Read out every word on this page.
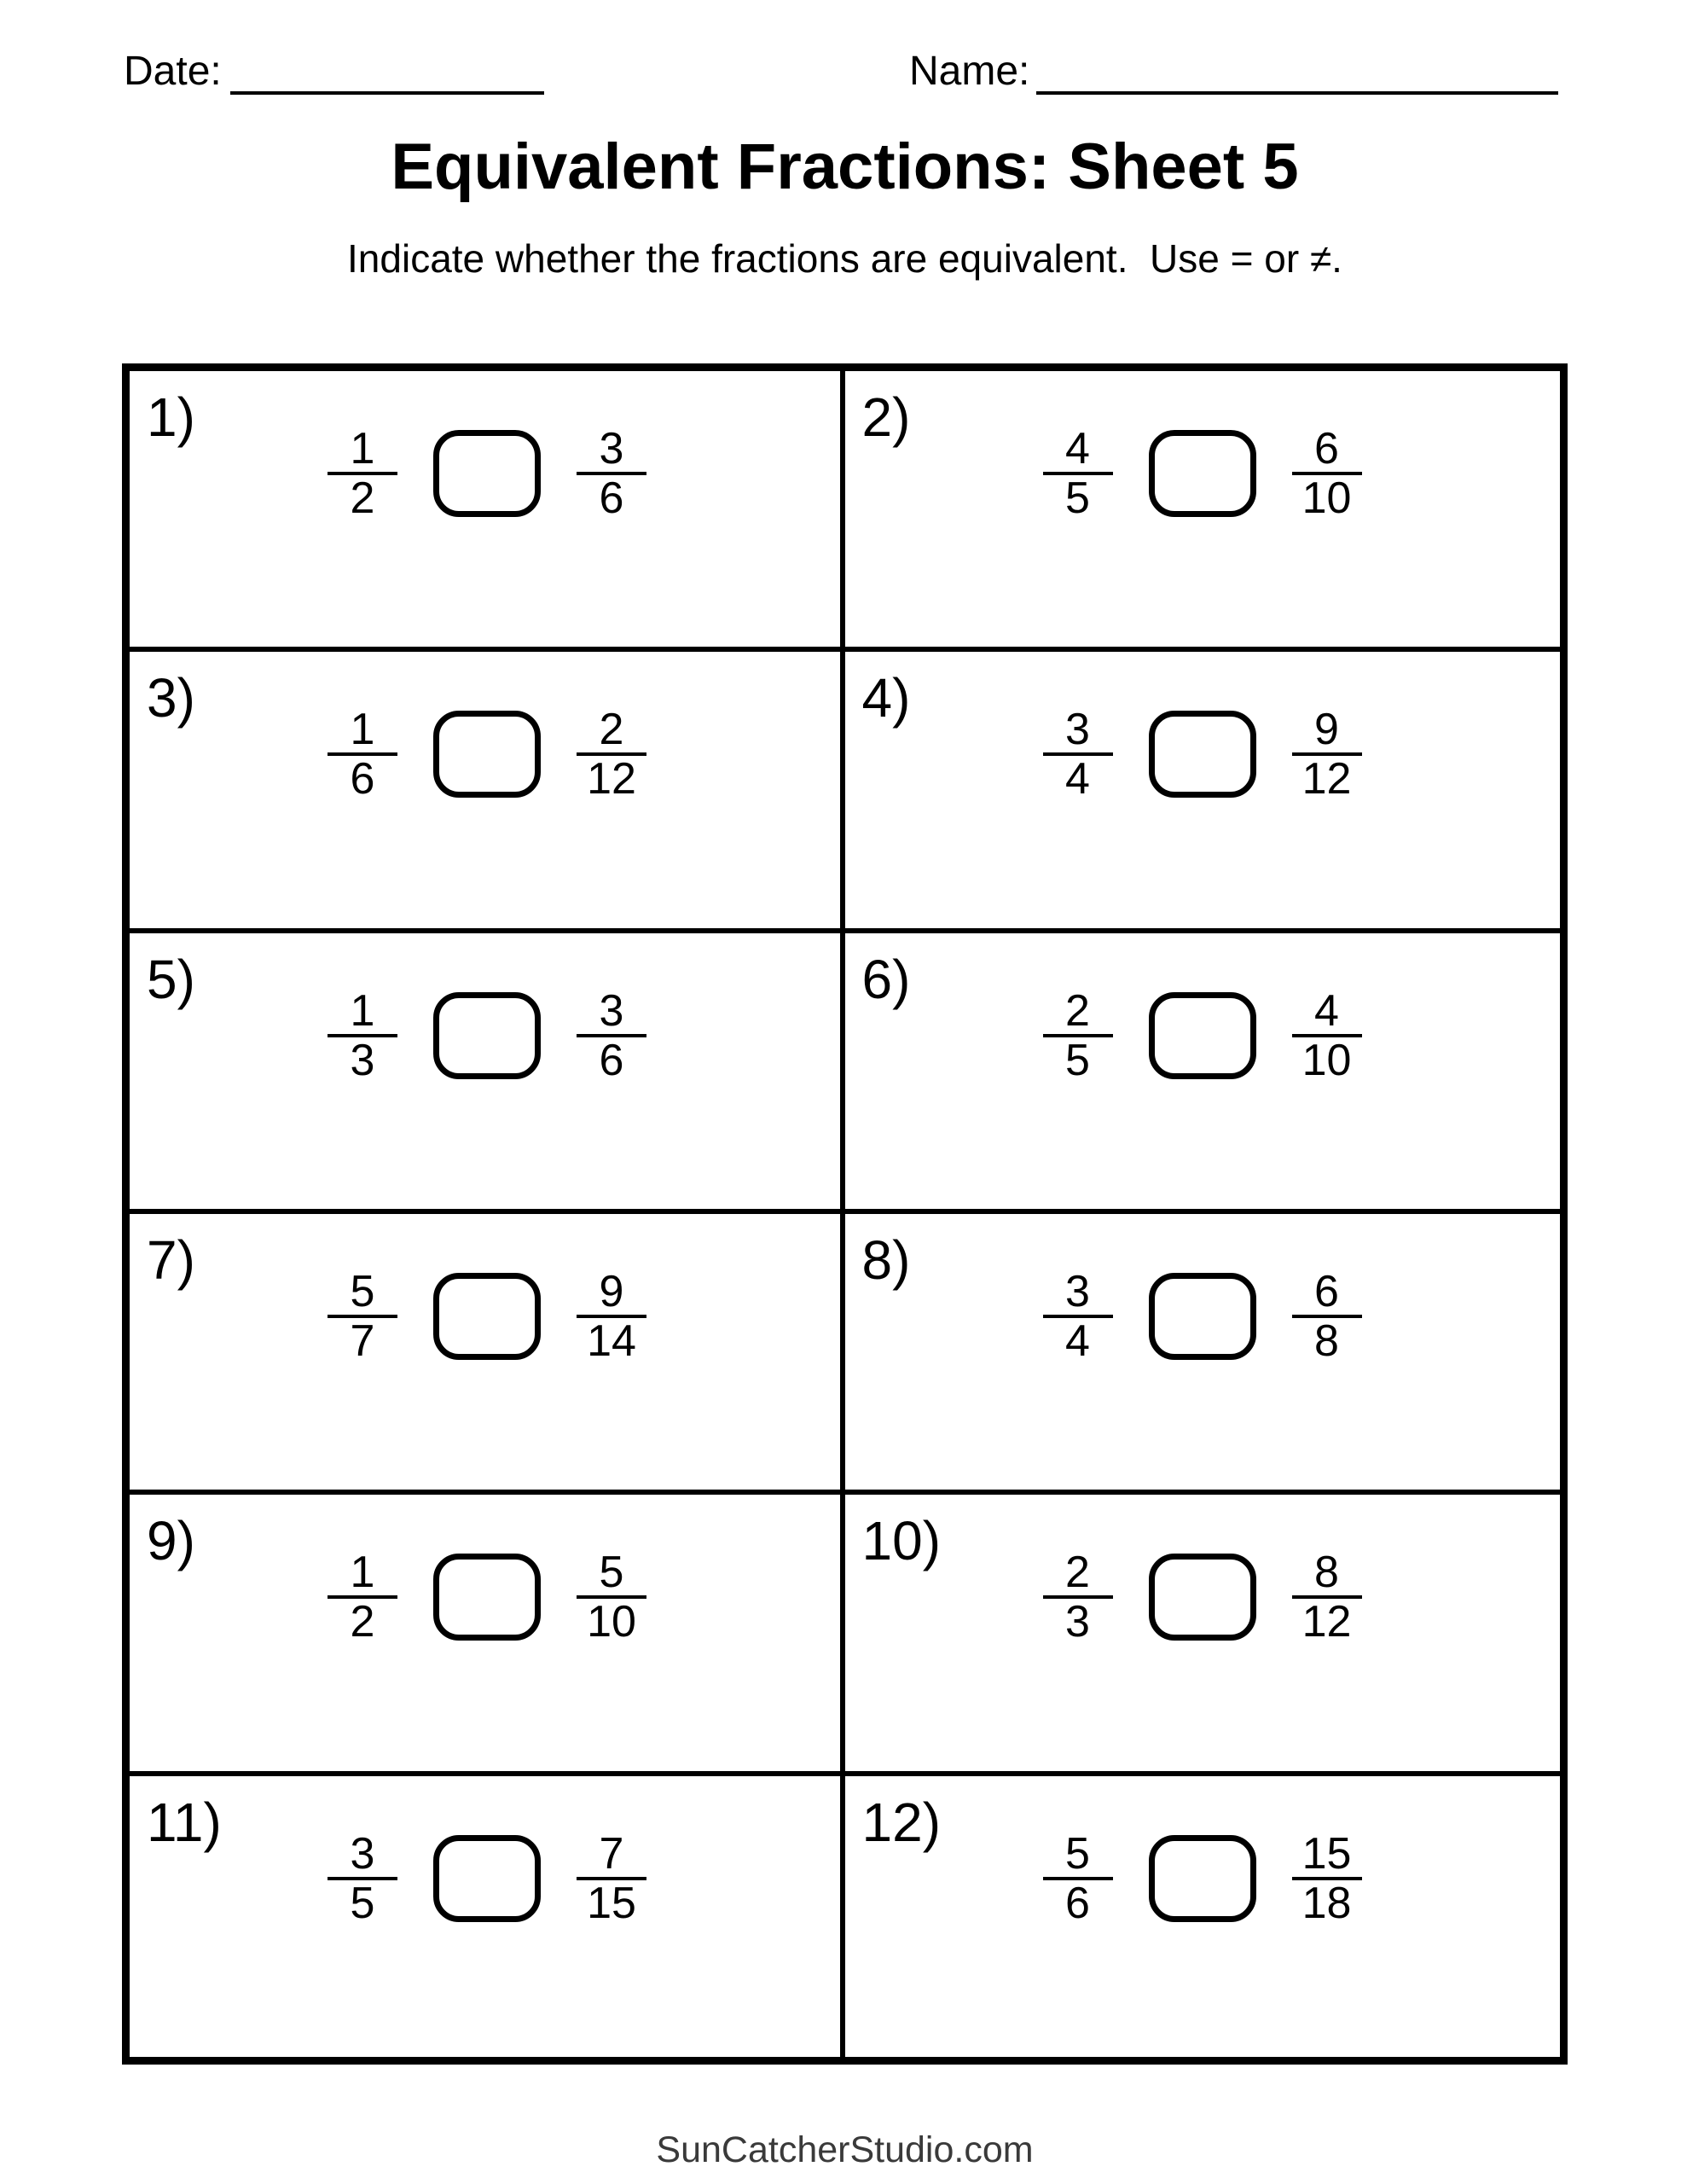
Date:	Name:
Equivalent Fractions: Sheet 5
Indicate whether the fractions are equivalent.  Use = or ≠.
1)
$\frac{1}{2}$	$\frac{3}{6}$
2)
$\frac{4}{5}$	$\frac{6}{10}$
3)
$\frac{1}{6}$	$\frac{2}{12}$
4)
$\frac{3}{4}$	$\frac{9}{12}$
5)
$\frac{1}{3}$	$\frac{3}{6}$
6)
$\frac{2}{5}$	$\frac{4}{10}$
7)
$\frac{5}{7}$	$\frac{9}{14}$
8)
$\frac{3}{4}$	$\frac{6}{8}$
9)
$\frac{1}{2}$	$\frac{5}{10}$
10)
$\frac{2}{3}$	$\frac{8}{12}$
11)
$\frac{3}{5}$	$\frac{7}{15}$
12)
$\frac{5}{6}$	$\frac{15}{18}$
SunCatcherStudio.com
